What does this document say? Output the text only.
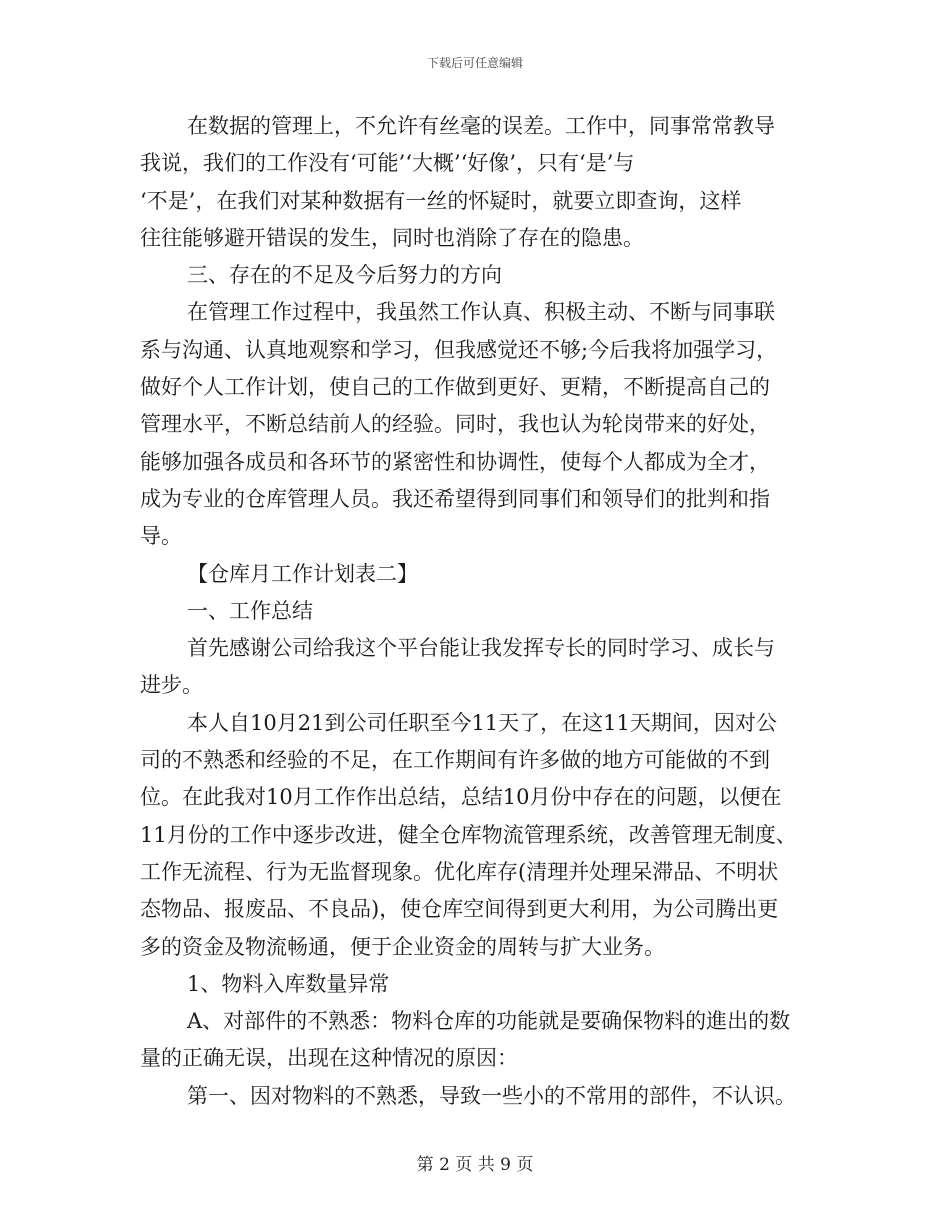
下载后可任意编辑
在数据的管理上，不允许有丝毫的误差。工作中，同事常常教导
我说，我们的工作没有‘可能’‘大概’‘好像’，只有‘是’与
‘不是’，在我们对某种数据有一丝的怀疑时，就要立即查询，这样
往往能够避开错误的发生，同时也消除了存在的隐患。
三、存在的不足及今后努力的方向
在管理工作过程中，我虽然工作认真、积极主动、不断与同事联
系与沟通、认真地观察和学习，但我感觉还不够;今后我将加强学习，
做好个人工作计划，使自己的工作做到更好、更精，不断提高自己的
管理水平，不断总结前人的经验。同时，我也认为轮岗带来的好处，
能够加强各成员和各环节的紧密性和协调性，使每个人都成为全才，
成为专业的仓库管理人员。我还希望得到同事们和领导们的批判和指
导。
【仓库月工作计划表二】
一、工作总结
首先感谢公司给我这个平台能让我发挥专长的同时学习、成长与
进步。
本人自10月21到公司任职至今11天了，在这11天期间，因对公
司的不熟悉和经验的不足，在工作期间有许多做的地方可能做的不到
位。在此我对10月工作作出总结，总结10月份中存在的问题，以便在
11月份的工作中逐步改进，健全仓库物流管理系统，改善管理无制度、
工作无流程、行为无监督现象。优化库存(清理并处理呆滞品、不明状
态物品、报废品、不良品)，使仓库空间得到更大利用，为公司腾出更
多的资金及物流畅通，便于企业资金的周转与扩大业务。
1、物料入库数量异常
A、对部件的不熟悉：物料仓库的功能就是要确保物料的進出的数
量的正确无误，出现在这种情况的原因：
第一、因对物料的不熟悉，导致一些小的不常用的部件，不认识。
第 2 页 共 9 页
